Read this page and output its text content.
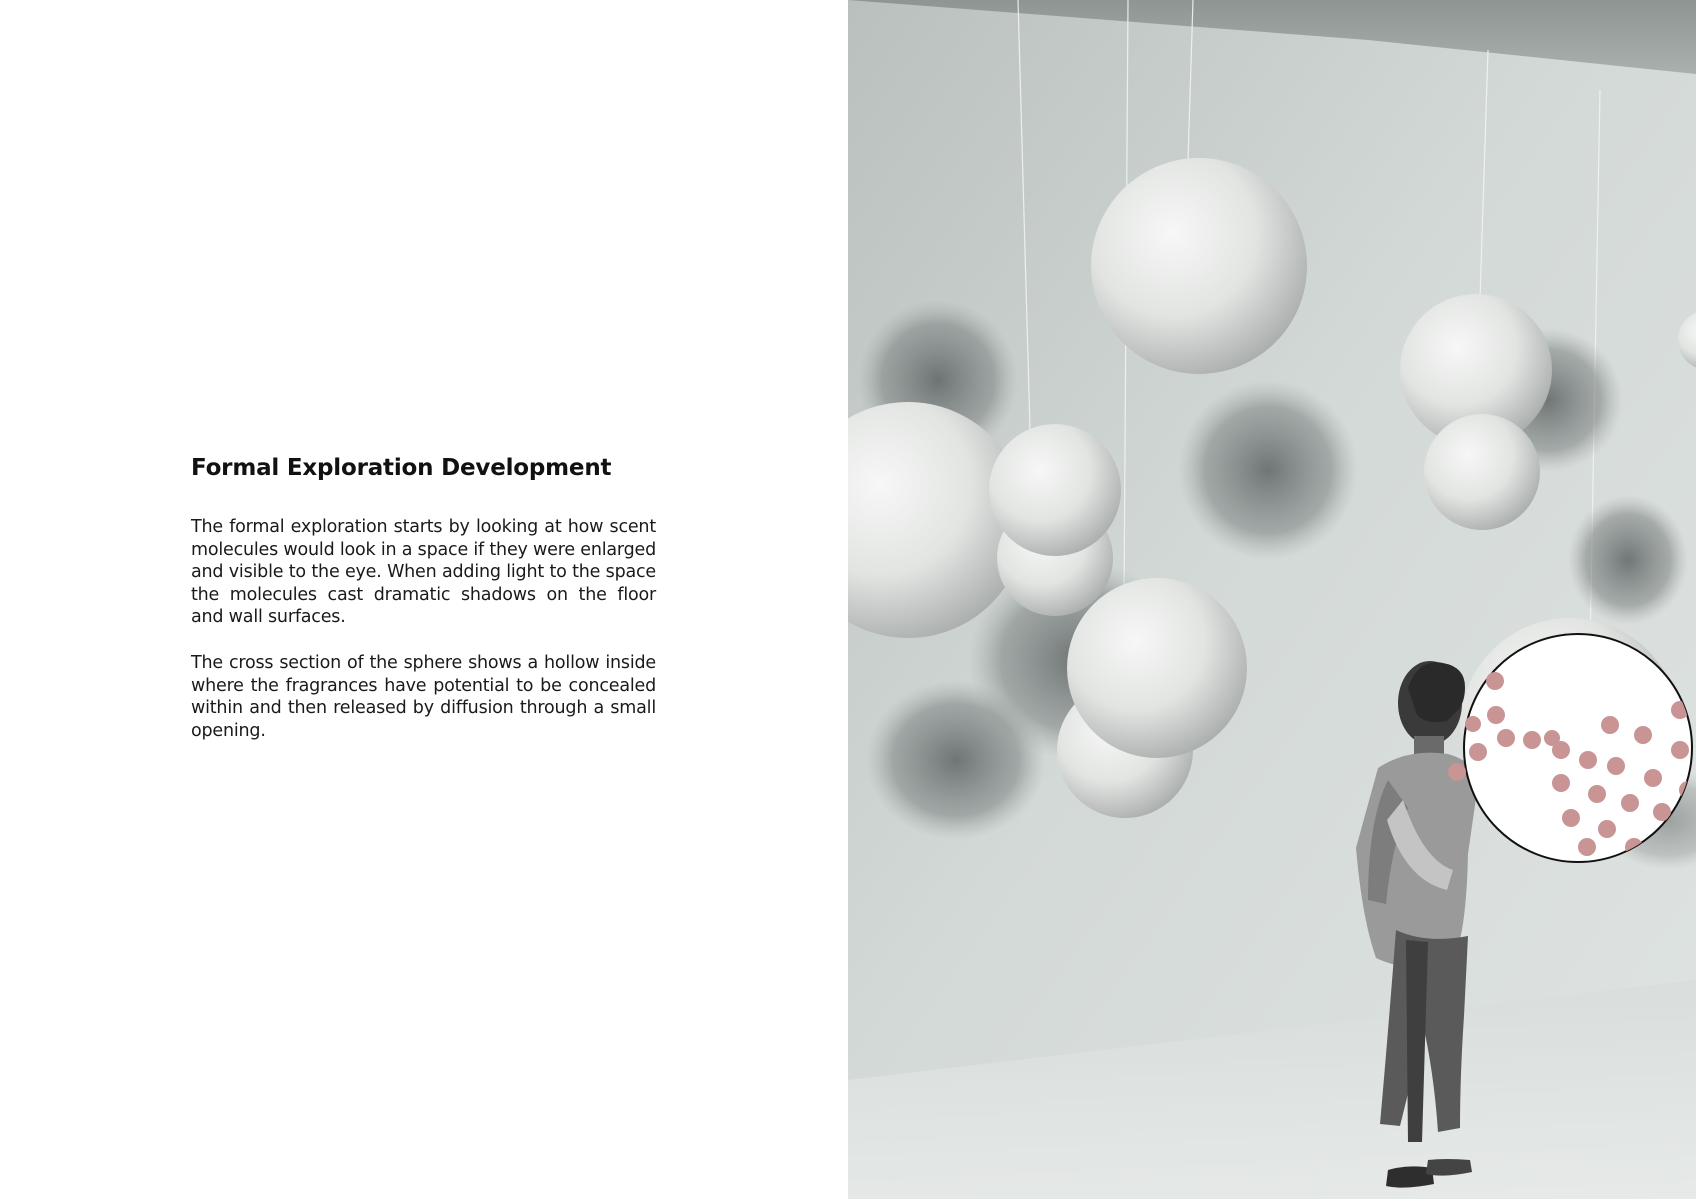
Formal Exploration Development

The formal exploration starts by looking at how scent molecules would look in a space if they were enlarged and visible to the eye. When adding light to the space the molecules cast dramatic shadows on the floor and wall surfaces.

The cross section of the sphere shows a hollow inside where the fragrances have potential to be concealed within and then released by diffusion through a small opening.
